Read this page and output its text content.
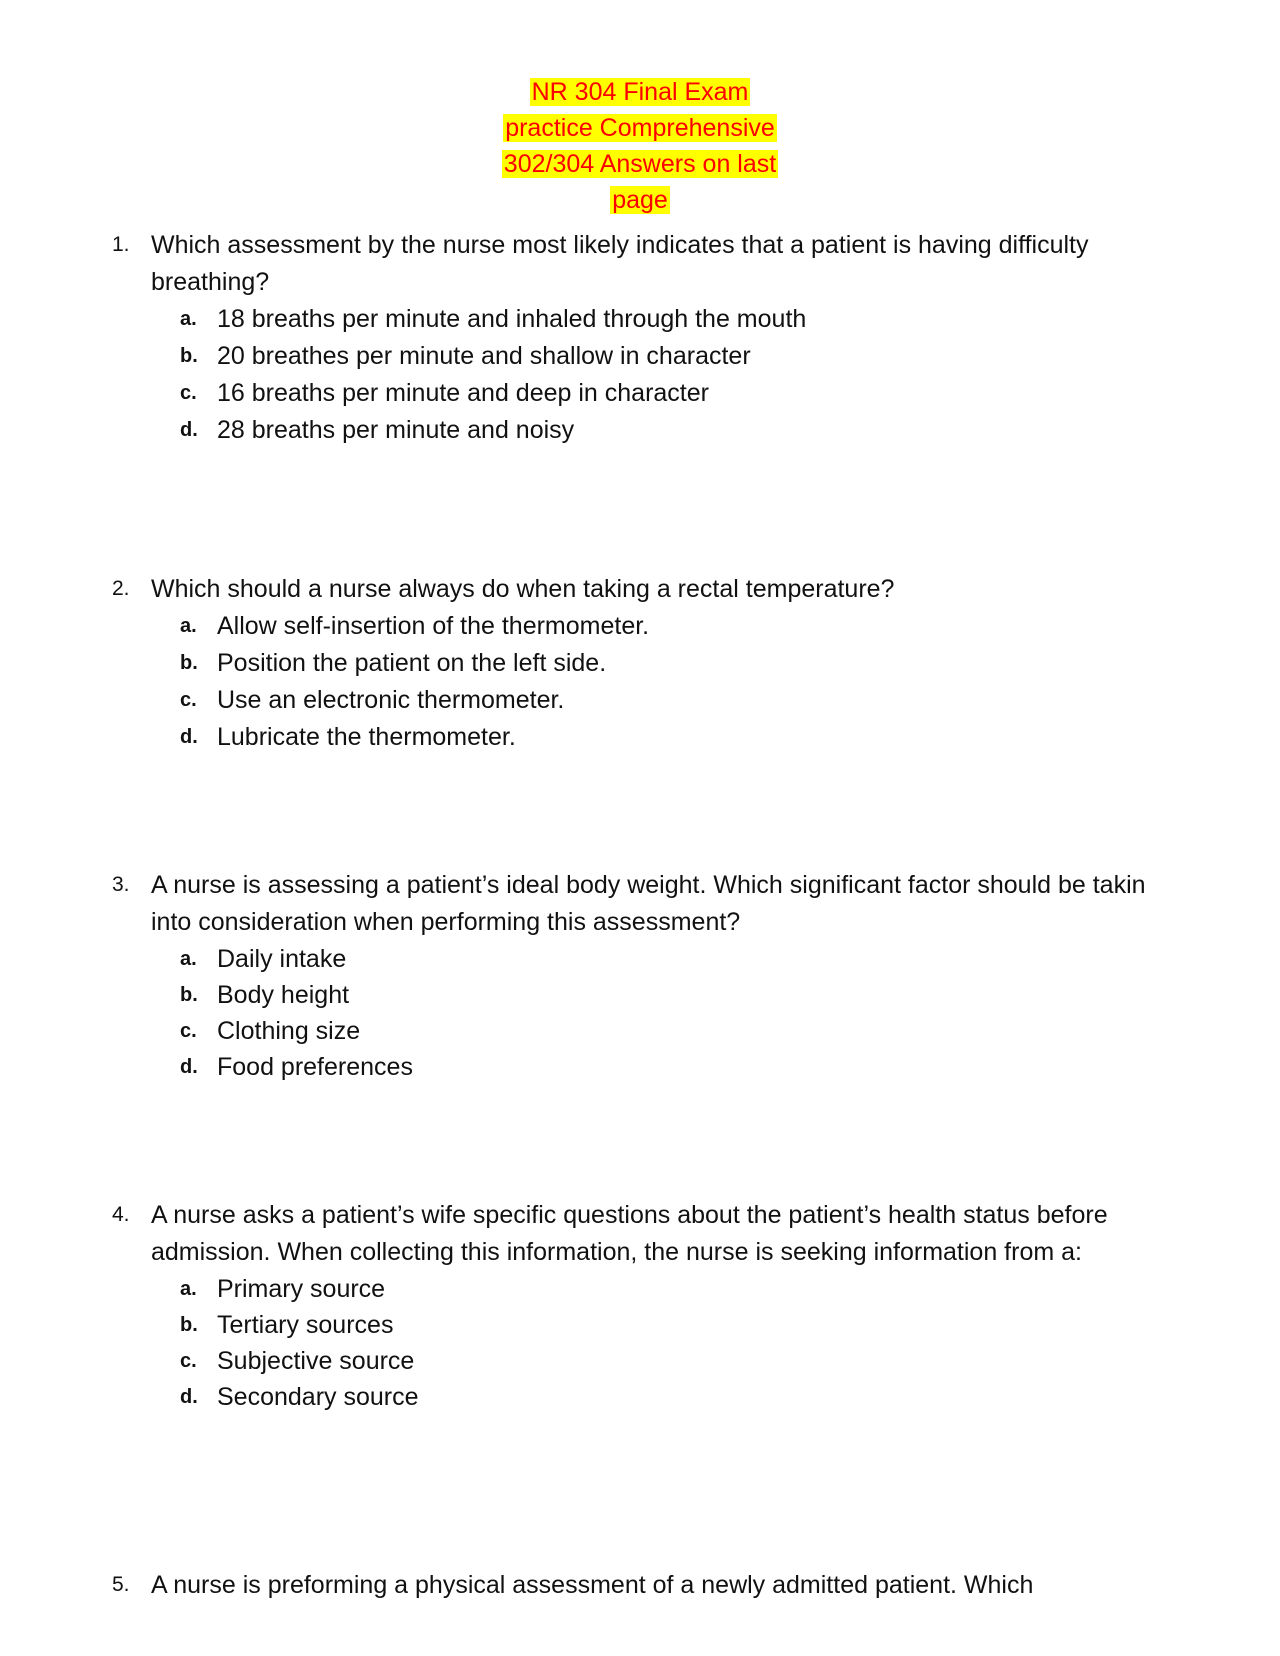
NR 304 Final Exam
practice Comprehensive
302/304 Answers on last
page
1. Which assessment by the nurse most likely indicates that a patient is having difficulty breathing?
a. 18 breaths per minute and inhaled through the mouth
b. 20 breathes per minute and shallow in character
c. 16 breaths per minute and deep in character
d. 28 breaths per minute and noisy
2. Which should a nurse always do when taking a rectal temperature?
a. Allow self-insertion of the thermometer.
b. Position the patient on the left side.
c. Use an electronic thermometer.
d. Lubricate the thermometer.
3. A nurse is assessing a patient’s ideal body weight. Which significant factor should be takin into consideration when performing this assessment?
a. Daily intake
b. Body height
c. Clothing size
d. Food preferences
4. A nurse asks a patient’s wife specific questions about the patient’s health status before admission. When collecting this information, the nurse is seeking information from a:
a. Primary source
b. Tertiary sources
c. Subjective source
d. Secondary source
5. A nurse is preforming a physical assessment of a newly admitted patient. Which
